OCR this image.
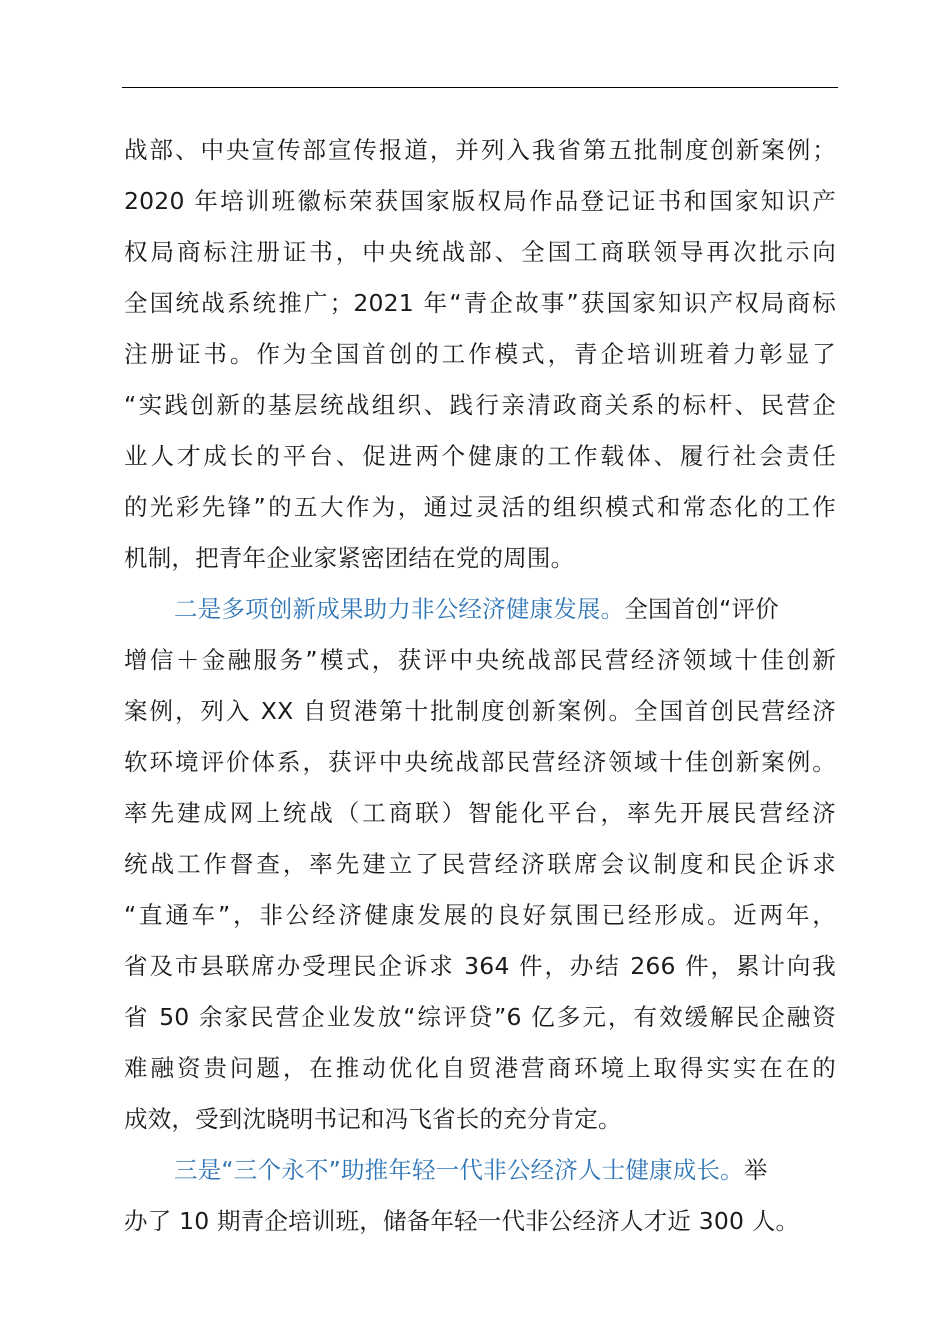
战部、中央宣传部宣传报道，并列入我省第五批制度创新案例；
2020 年培训班徽标荣获国家版权局作品登记证书和国家知识产
权局商标注册证书，中央统战部、全国工商联领导再次批示向
全国统战系统推广；2021 年“青企故事”获国家知识产权局商标
注册证书。作为全国首创的工作模式，青企培训班着力彰显了
“实践创新的基层统战组织、践行亲清政商关系的标杆、民营企
业人才成长的平台、促进两个健康的工作载体、履行社会责任
的光彩先锋”的五大作为，通过灵活的组织模式和常态化的工作
机制，把青年企业家紧密团结在党的周围。
二是多项创新成果助力非公经济健康发展。全国首创“评价
增信＋金融服务”模式，获评中央统战部民营经济领域十佳创新
案例，列入 XX 自贸港第十批制度创新案例。全国首创民营经济
软环境评价体系，获评中央统战部民营经济领域十佳创新案例。
率先建成网上统战（工商联）智能化平台，率先开展民营经济
统战工作督查，率先建立了民营经济联席会议制度和民企诉求
“直通车”，非公经济健康发展的良好氛围已经形成。近两年，
省及市县联席办受理民企诉求 364 件，办结 266 件，累计向我
省 50 余家民营企业发放“综评贷”6 亿多元，有效缓解民企融资
难融资贵问题，在推动优化自贸港营商环境上取得实实在在的
成效，受到沈晓明书记和冯飞省长的充分肯定。
三是“三个永不”助推年轻一代非公经济人士健康成长。举
办了 10 期青企培训班，储备年轻一代非公经济人才近 300 人。
